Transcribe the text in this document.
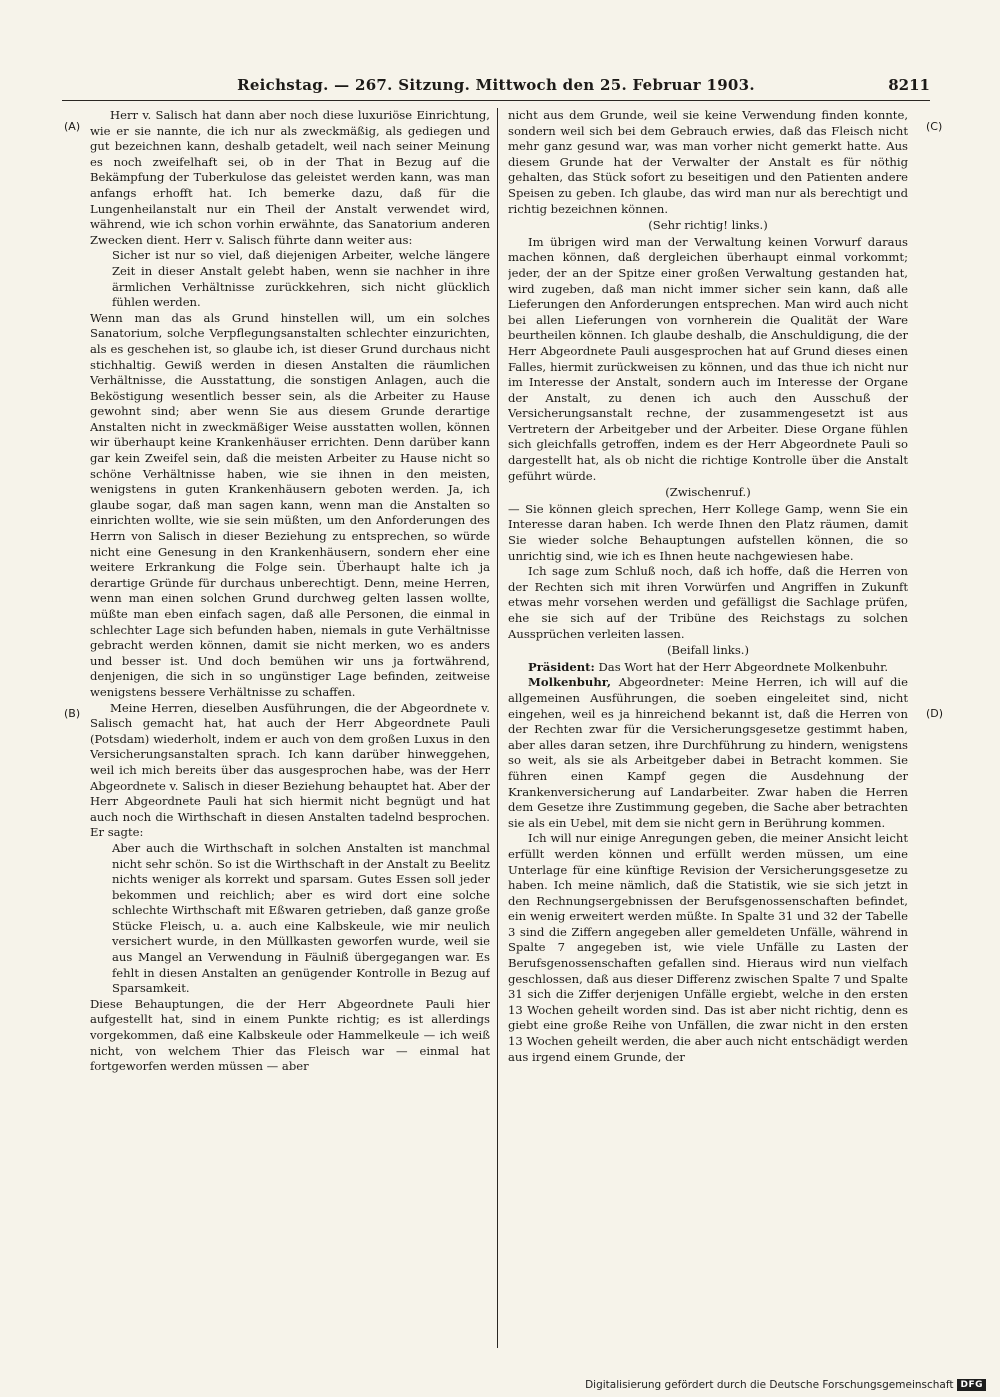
Reichstag. — 267. Sitzung. Mittwoch den 25. Februar 1903.	8211
(A)
(B)
(C)
(D)

Herr v. Salisch hat dann aber noch diese luxuriöse Einrichtung, wie er sie nannte, die ich nur als zweckmäßig, als gediegen und gut bezeichnen kann, deshalb getadelt, weil nach seiner Meinung es noch zweifelhaft sei, ob in der That in Bezug auf die Bekämpfung der Tuberkulose das geleistet werden kann, was man anfangs erhofft hat. Ich bemerke dazu, daß für die Lungenheilanstalt nur ein Theil der Anstalt verwendet wird, während, wie ich schon vorhin erwähnte, das Sanatorium anderen Zwecken dient. Herr v. Salisch führte dann weiter aus:

Sicher ist nur so viel, daß diejenigen Arbeiter, welche längere Zeit in dieser Anstalt gelebt haben, wenn sie nachher in ihre ärmlichen Verhältnisse zurückkehren, sich nicht glücklich fühlen werden.

Wenn man das als Grund hinstellen will, um ein solches Sanatorium, solche Verpflegungsanstalten schlechter einzurichten, als es geschehen ist, so glaube ich, ist dieser Grund durchaus nicht stichhaltig. Gewiß werden in diesen Anstalten die räumlichen Verhältnisse, die Ausstattung, die sonstigen Anlagen, auch die Beköstigung wesentlich besser sein, als die Arbeiter zu Hause gewohnt sind; aber wenn Sie aus diesem Grunde derartige Anstalten nicht in zweckmäßiger Weise ausstatten wollen, können wir überhaupt keine Krankenhäuser errichten. Denn darüber kann gar kein Zweifel sein, daß die meisten Arbeiter zu Hause nicht so schöne Verhältnisse haben, wie sie ihnen in den meisten, wenigstens in guten Krankenhäusern geboten werden. Ja, ich glaube sogar, daß man sagen kann, wenn man die Anstalten so einrichten wollte, wie sie sein müßten, um den Anforderungen des Herrn von Salisch in dieser Beziehung zu entsprechen, so würde nicht eine Genesung in den Krankenhäusern, sondern eher eine weitere Erkrankung die Folge sein. Überhaupt halte ich ja derartige Gründe für durchaus unberechtigt. Denn, meine Herren, wenn man einen solchen Grund durchweg gelten lassen wollte, müßte man eben einfach sagen, daß alle Personen, die einmal in schlechter Lage sich befunden haben, niemals in gute Verhältnisse gebracht werden können, damit sie nicht merken, wo es anders und besser ist. Und doch bemühen wir uns ja fortwährend, denjenigen, die sich in so ungünstiger Lage befinden, zeitweise wenigstens bessere Verhältnisse zu schaffen.

Meine Herren, dieselben Ausführungen, die der Abgeordnete v. Salisch gemacht hat, hat auch der Herr Abgeordnete Pauli (Potsdam) wiederholt, indem er auch von dem großen Luxus in den Versicherungsanstalten sprach. Ich kann darüber hinweggehen, weil ich mich bereits über das ausgesprochen habe, was der Herr Abgeordnete v. Salisch in dieser Beziehung behauptet hat. Aber der Herr Abgeordnete Pauli hat sich hiermit nicht begnügt und hat auch noch die Wirthschaft in diesen Anstalten tadelnd besprochen. Er sagte:

Aber auch die Wirthschaft in solchen Anstalten ist manchmal nicht sehr schön. So ist die Wirthschaft in der Anstalt zu Beelitz nichts weniger als korrekt und sparsam. Gutes Essen soll jeder bekommen und reichlich; aber es wird dort eine solche schlechte Wirthschaft mit Eßwaren getrieben, daß ganze große Stücke Fleisch, u. a. auch eine Kalbskeule, wie mir neulich versichert wurde, in den Müllkasten geworfen wurde, weil sie aus Mangel an Verwendung in Fäulniß übergegangen war. Es fehlt in diesen Anstalten an genügender Kontrolle in Bezug auf Sparsamkeit.

Diese Behauptungen, die der Herr Abgeordnete Pauli hier aufgestellt hat, sind in einem Punkte richtig; es ist allerdings vorgekommen, daß eine Kalbskeule oder Hammelkeule — ich weiß nicht, von welchem Thier das Fleisch war — einmal hat fortgeworfen werden müssen — aber

nicht aus dem Grunde, weil sie keine Verwendung finden konnte, sondern weil sich bei dem Gebrauch erwies, daß das Fleisch nicht mehr ganz gesund war, was man vorher nicht gemerkt hatte. Aus diesem Grunde hat der Verwalter der Anstalt es für nöthig gehalten, das Stück sofort zu beseitigen und den Patienten andere Speisen zu geben. Ich glaube, das wird man nur als berechtigt und richtig bezeichnen können.

(Sehr richtig! links.)

Im übrigen wird man der Verwaltung keinen Vorwurf daraus machen können, daß dergleichen überhaupt einmal vorkommt; jeder, der an der Spitze einer großen Verwaltung gestanden hat, wird zugeben, daß man nicht immer sicher sein kann, daß alle Lieferungen den Anforderungen entsprechen. Man wird auch nicht bei allen Lieferungen von vornherein die Qualität der Ware beurtheilen können. Ich glaube deshalb, die Anschuldigung, die der Herr Abgeordnete Pauli ausgesprochen hat auf Grund dieses einen Falles, hiermit zurückweisen zu können, und das thue ich nicht nur im Interesse der Anstalt, sondern auch im Interesse der Organe der Anstalt, zu denen ich auch den Ausschuß der Versicherungsanstalt rechne, der zusammengesetzt ist aus Vertretern der Arbeitgeber und der Arbeiter. Diese Organe fühlen sich gleichfalls getroffen, indem es der Herr Abgeordnete Pauli so dargestellt hat, als ob nicht die richtige Kontrolle über die Anstalt geführt würde.

(Zwischenruf.)

— Sie können gleich sprechen, Herr Kollege Gamp, wenn Sie ein Interesse daran haben. Ich werde Ihnen den Platz räumen, damit Sie wieder solche Behauptungen aufstellen können, die so unrichtig sind, wie ich es Ihnen heute nachgewiesen habe.

Ich sage zum Schluß noch, daß ich hoffe, daß die Herren von der Rechten sich mit ihren Vorwürfen und Angriffen in Zukunft etwas mehr vorsehen werden und gefälligst die Sachlage prüfen, ehe sie sich auf der Tribüne des Reichstags zu solchen Aussprüchen verleiten lassen.

(Beifall links.)

Präsident: Das Wort hat der Herr Abgeordnete Molkenbuhr.

Molkenbuhr, Abgeordneter: Meine Herren, ich will auf die allgemeinen Ausführungen, die soeben eingeleitet sind, nicht eingehen, weil es ja hinreichend bekannt ist, daß die Herren von der Rechten zwar für die Versicherungsgesetze gestimmt haben, aber alles daran setzen, ihre Durchführung zu hindern, wenigstens so weit, als sie als Arbeitgeber dabei in Betracht kommen. Sie führen einen Kampf gegen die Ausdehnung der Krankenversicherung auf Landarbeiter. Zwar haben die Herren dem Gesetze ihre Zustimmung gegeben, die Sache aber betrachten sie als ein Uebel, mit dem sie nicht gern in Berührung kommen.

Ich will nur einige Anregungen geben, die meiner Ansicht leicht erfüllt werden können und erfüllt werden müssen, um eine Unterlage für eine künftige Revision der Versicherungsgesetze zu haben. Ich meine nämlich, daß die Statistik, wie sie sich jetzt in den Rechnungsergebnissen der Berufsgenossenschaften befindet, ein wenig erweitert werden müßte. In Spalte 31 und 32 der Tabelle 3 sind die Ziffern angegeben aller gemeldeten Unfälle, während in Spalte 7 angegeben ist, wie viele Unfälle zu Lasten der Berufsgenossenschaften gefallen sind. Hieraus wird nun vielfach geschlossen, daß aus dieser Differenz zwischen Spalte 7 und Spalte 31 sich die Ziffer derjenigen Unfälle ergiebt, welche in den ersten 13 Wochen geheilt worden sind. Das ist aber nicht richtig, denn es giebt eine große Reihe von Unfällen, die zwar nicht in den ersten 13 Wochen geheilt werden, die aber auch nicht entschädigt werden aus irgend einem Grunde, der

Digitalisierung gefördert durch die Deutsche Forschungsgemeinschaft DFG
